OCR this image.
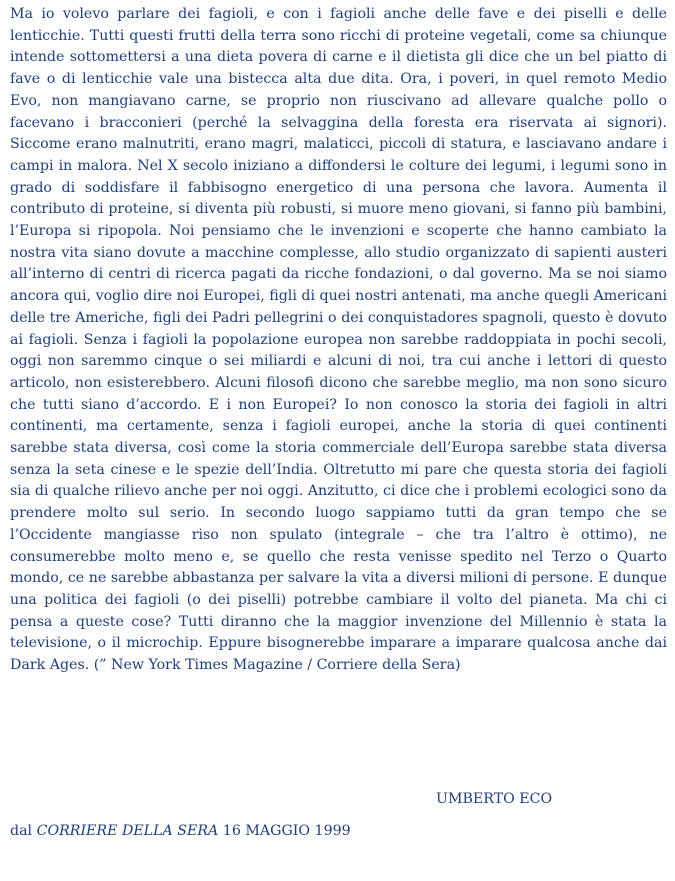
Ma io volevo parlare dei fagioli, e con i fagioli anche delle fave e dei piselli e delle lenticchie. Tutti questi frutti della terra sono ricchi di proteine vegetali, come sa chiunque intende sottomettersi a una dieta povera di carne e il dietista gli dice che un bel piatto di fave o di lenticchie vale una bistecca alta due dita. Ora, i poveri, in quel remoto Medio Evo, non mangiavano carne, se proprio non riuscivano ad allevare qualche pollo o facevano i bracconieri (perché la selvaggina della foresta era riservata ai signori). Siccome erano malnutriti, erano magri, malaticci, piccoli di statura, e lasciavano andare i campi in malora. Nel X secolo iniziano a diffondersi le colture dei legumi, i legumi sono in grado di soddisfare il fabbisogno energetico di una persona che lavora. Aumenta il contributo di proteine, si diventa più robusti, si muore meno giovani, si fanno più bambini, l’Europa si ripopola. Noi pensiamo che le invenzioni e scoperte che hanno cambiato la nostra vita siano dovute a macchine complesse, allo studio organizzato di sapienti austeri all’interno di centri di ricerca pagati da ricche fondazioni, o dal governo. Ma se noi siamo ancora qui, voglio dire noi Europei, figli di quei nostri antenati, ma anche quegli Americani delle tre Americhe, figli dei Padri pellegrini o dei conquistadores spagnoli, questo è dovuto ai fagioli. Senza i fagioli la popolazione europea non sarebbe raddoppiata in pochi secoli, oggi non saremmo cinque o sei miliardi e alcuni di noi, tra cui anche i lettori di questo articolo, non esisterebbero. Alcuni filosofi dicono che sarebbe meglio, ma non sono sicuro che tutti siano d’accordo. E i non Europei? Io non conosco la storia dei fagioli in altri continenti, ma certamente, senza i fagioli europei, anche la storia di quei continenti sarebbe stata diversa, così come la storia commerciale dell’Europa sarebbe stata diversa senza la seta cinese e le spezie dell’India. Oltretutto mi pare che questa storia dei fagioli sia di qualche rilievo anche per noi oggi. Anzitutto, ci dice che i problemi ecologici sono da prendere molto sul serio. In secondo luogo sappiamo tutti da gran tempo che se l’Occidente mangiasse riso non spulato (integrale – che tra l’altro è ottimo), ne consumerebbe molto meno e, se quello che resta venisse spedito nel Terzo o Quarto mondo, ce ne sarebbe abbastanza per salvare la vita a diversi milioni di persone. E dunque una politica dei fagioli (o dei piselli) potrebbe cambiare il volto del pianeta. Ma chi ci pensa a queste cose? Tutti diranno che la maggior invenzione del Millennio è stata la televisione, o il microchip. Eppure bisognerebbe imparare a imparare qualcosa anche dai Dark Ages. (” New York Times Magazine / Corriere della Sera)

UMBERTO ECO
dal CORRIERE DELLA SERA 16 MAGGIO 1999
